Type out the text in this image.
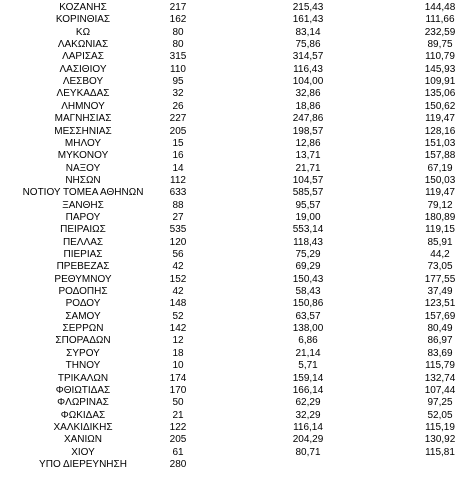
ΚΟΖΑΝΗΣ	217	215,43	144,48
ΚΟΡΙΝΘΙΑΣ	162	161,43	111,66
ΚΩ	80	83,14	232,59
ΛΑΚΩΝΙΑΣ	80	75,86	89,75
ΛΑΡΙΣΑΣ	315	314,57	110,79
ΛΑΣΙΘΙΟΥ	110	116,43	145,93
ΛΕΣΒΟΥ	95	104,00	109,91
ΛΕΥΚΑΔΑΣ	32	32,86	135,06
ΛΗΜΝΟΥ	26	18,86	150,62
ΜΑΓΝΗΣΙΑΣ	227	247,86	119,47
ΜΕΣΣΗΝΙΑΣ	205	198,57	128,16
ΜΗΛΟΥ	15	12,86	151,03
ΜΥΚΟΝΟΥ	16	13,71	157,88
ΝΑΞΟΥ	14	21,71	67,19
ΝΗΣΩΝ	112	104,57	150,03
ΝΟΤΙΟΥ ΤΟΜΕΑ ΑΘΗΝΩΝ	633	585,57	119,47
ΞΑΝΘΗΣ	88	95,57	79,12
ΠΑΡΟΥ	27	19,00	180,89
ΠΕΙΡΑΙΩΣ	535	553,14	119,15
ΠΕΛΛΑΣ	120	118,43	85,91
ΠΙΕΡΙΑΣ	56	75,29	44,2
ΠΡΕΒΕΖΑΣ	42	69,29	73,05
ΡΕΘΥΜΝΟΥ	152	150,43	177,55
ΡΟΔΟΠΗΣ	42	58,43	37,49
ΡΟΔΟΥ	148	150,86	123,51
ΣΑΜΟΥ	52	63,57	157,69
ΣΕΡΡΩΝ	142	138,00	80,49
ΣΠΟΡΑΔΩΝ	12	6,86	86,97
ΣΥΡΟΥ	18	21,14	83,69
ΤΗΝΟΥ	10	5,71	115,79
ΤΡΙΚΑΛΩΝ	174	159,14	132,74
ΦΘΙΩΤΙΔΑΣ	170	166,14	107,44
ΦΛΩΡΙΝΑΣ	50	62,29	97,25
ΦΩΚΙΔΑΣ	21	32,29	52,05
ΧΑΛΚΙΔΙΚΗΣ	122	116,14	115,19
ΧΑΝΙΩΝ	205	204,29	130,92
ΧΙΟΥ	61	80,71	115,81
ΥΠΟ ΔΙΕΡΕΥΝΗΣΗ	280
